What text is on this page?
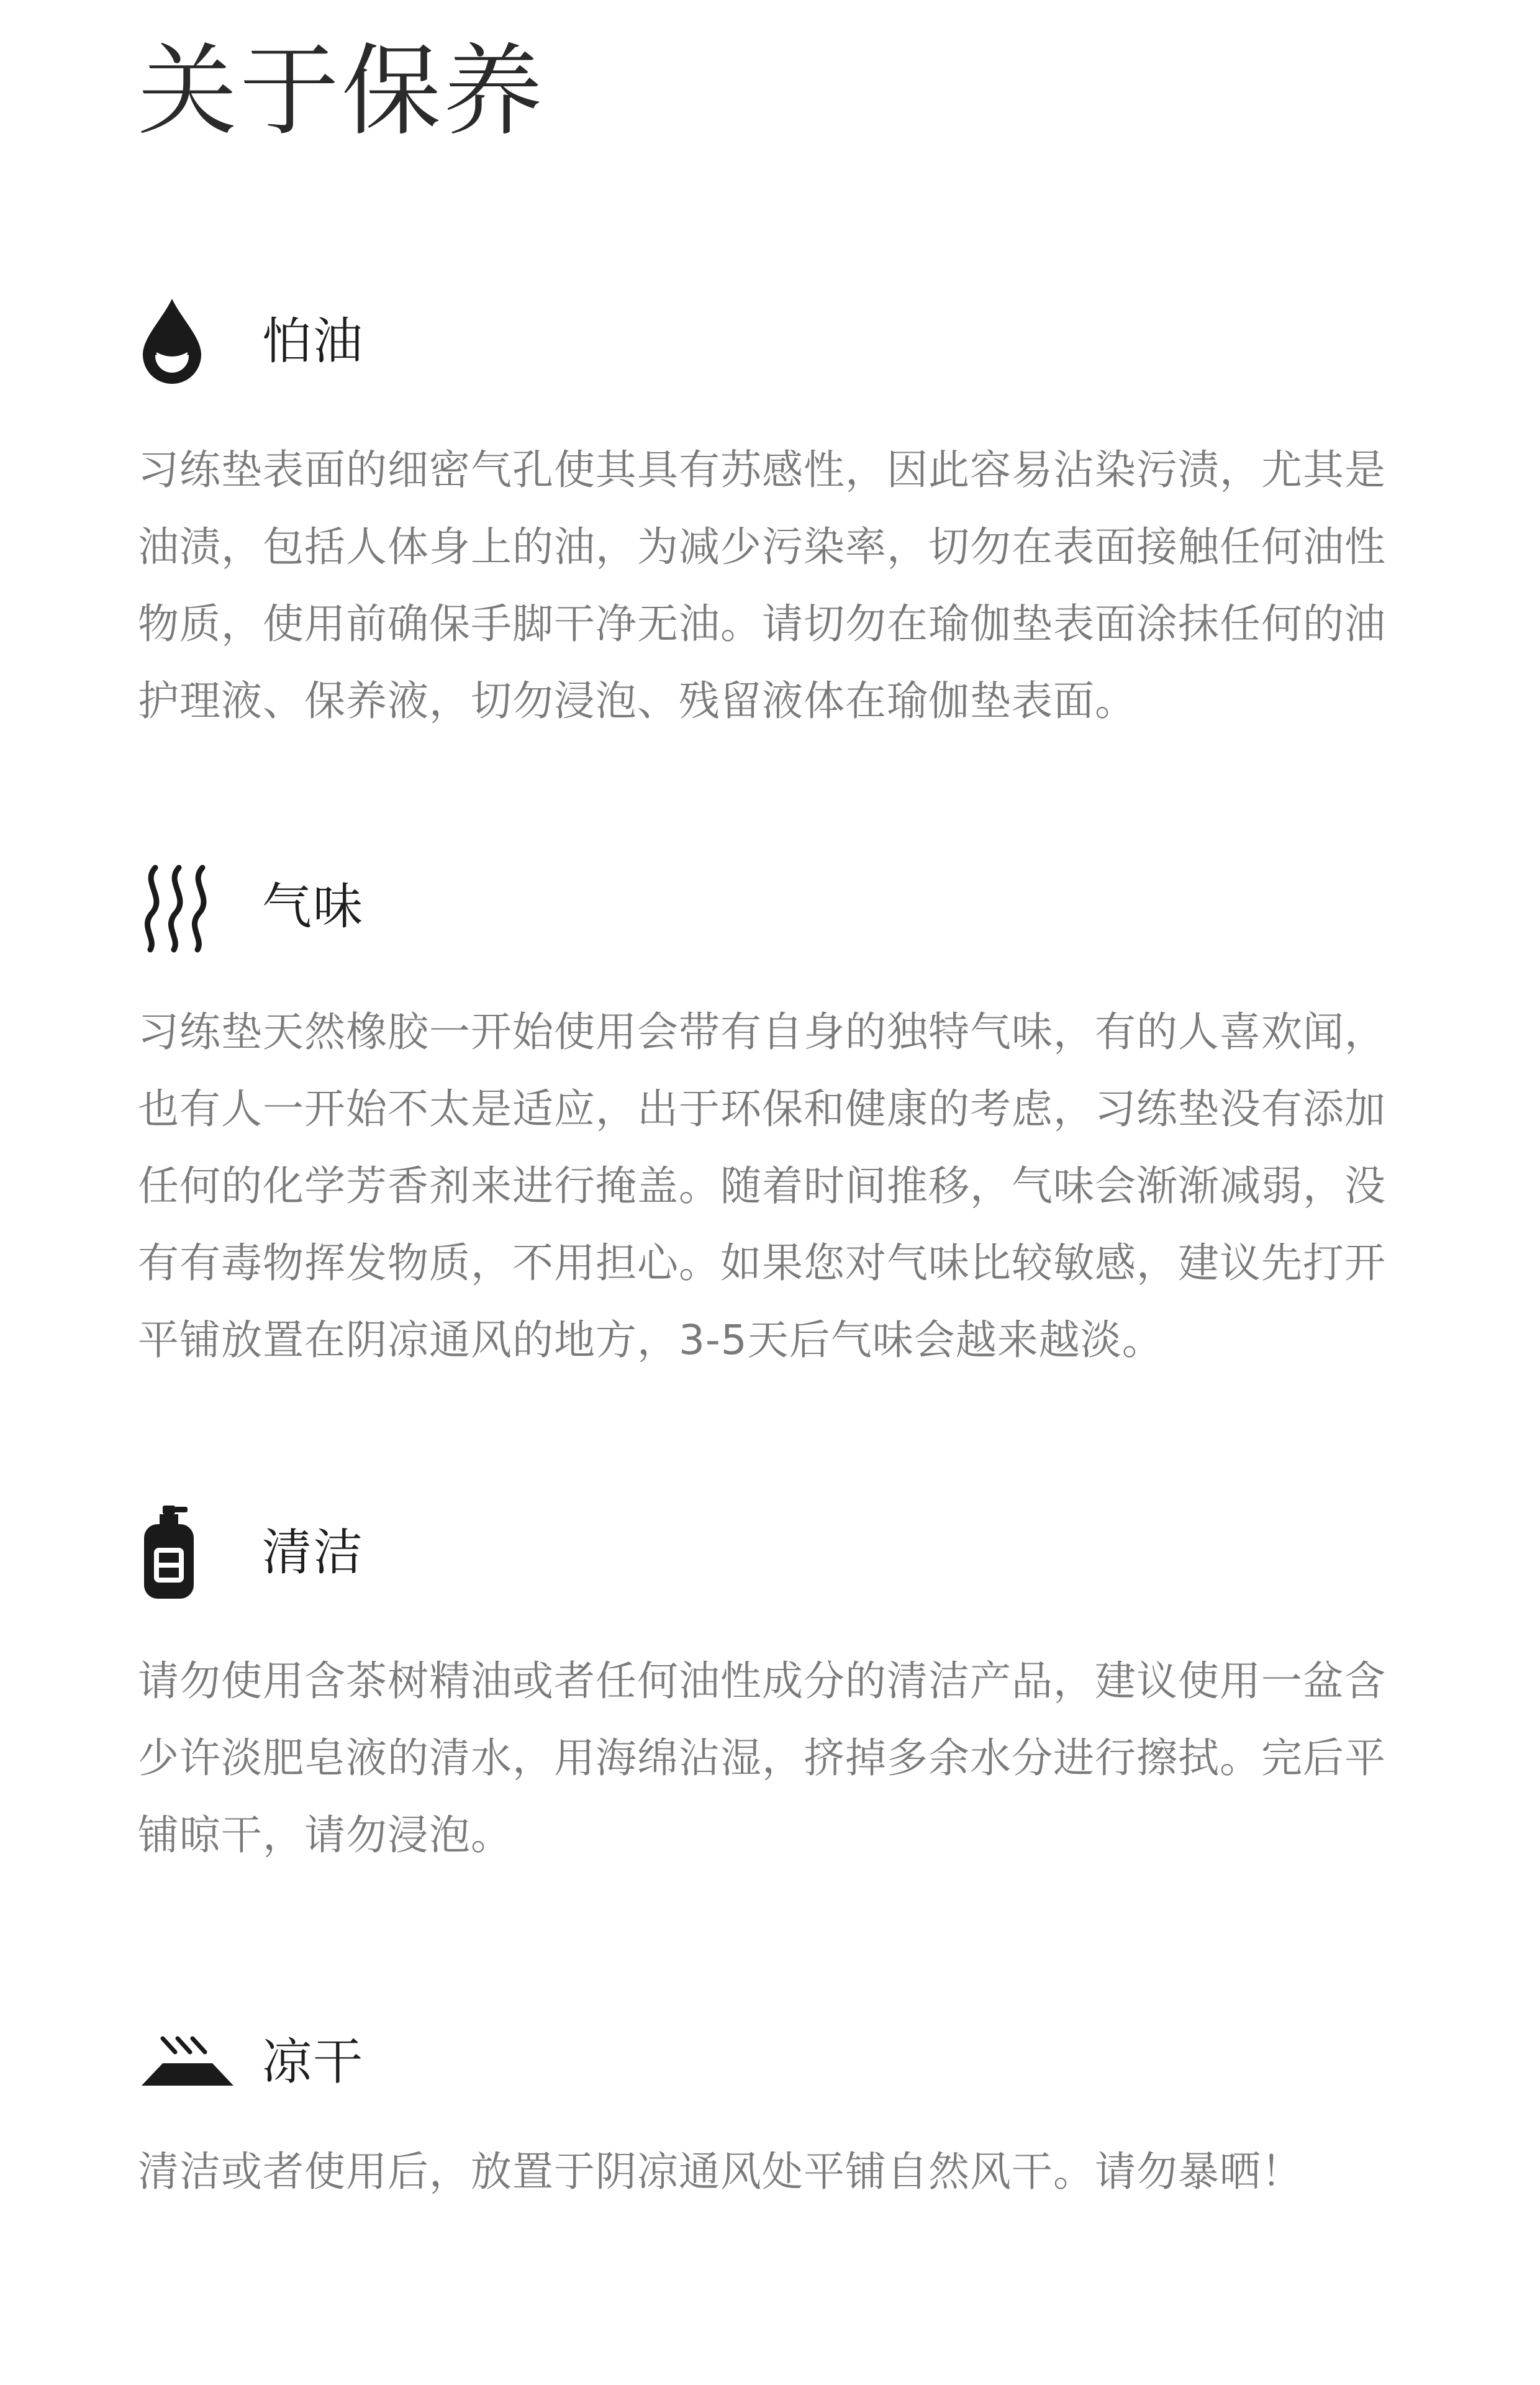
关于保养
怕油

习练垫表面的细密气孔使其具有苏感性，因此容易沾染污渍，尤其是油渍，包括人体身上的油，为减少污染率，切勿在表面接触任何油性物质，使用前确保手脚干净无油。请切勿在瑜伽垫表面涂抹任何的油护理液、保养液，切勿浸泡、残留液体在瑜伽垫表面。

气味

习练垫天然橡胶一开始使用会带有自身的独特气味，有的人喜欢闻，也有人一开始不太是适应，出于环保和健康的考虑，习练垫没有添加任何的化学芳香剂来进行掩盖。随着时间推移，气味会渐渐减弱，没有有毒物挥发物质，不用担心。如果您对气味比较敏感，建议先打开平铺放置在阴凉通风的地方，3-5天后气味会越来越淡。

清洁

请勿使用含茶树精油或者任何油性成分的清洁产品，建议使用一盆含少许淡肥皂液的清水，用海绵沾湿，挤掉多余水分进行擦拭。完后平铺晾干，请勿浸泡。

凉干

清洁或者使用后，放置于阴凉通风处平铺自然风干。请勿暴晒！
